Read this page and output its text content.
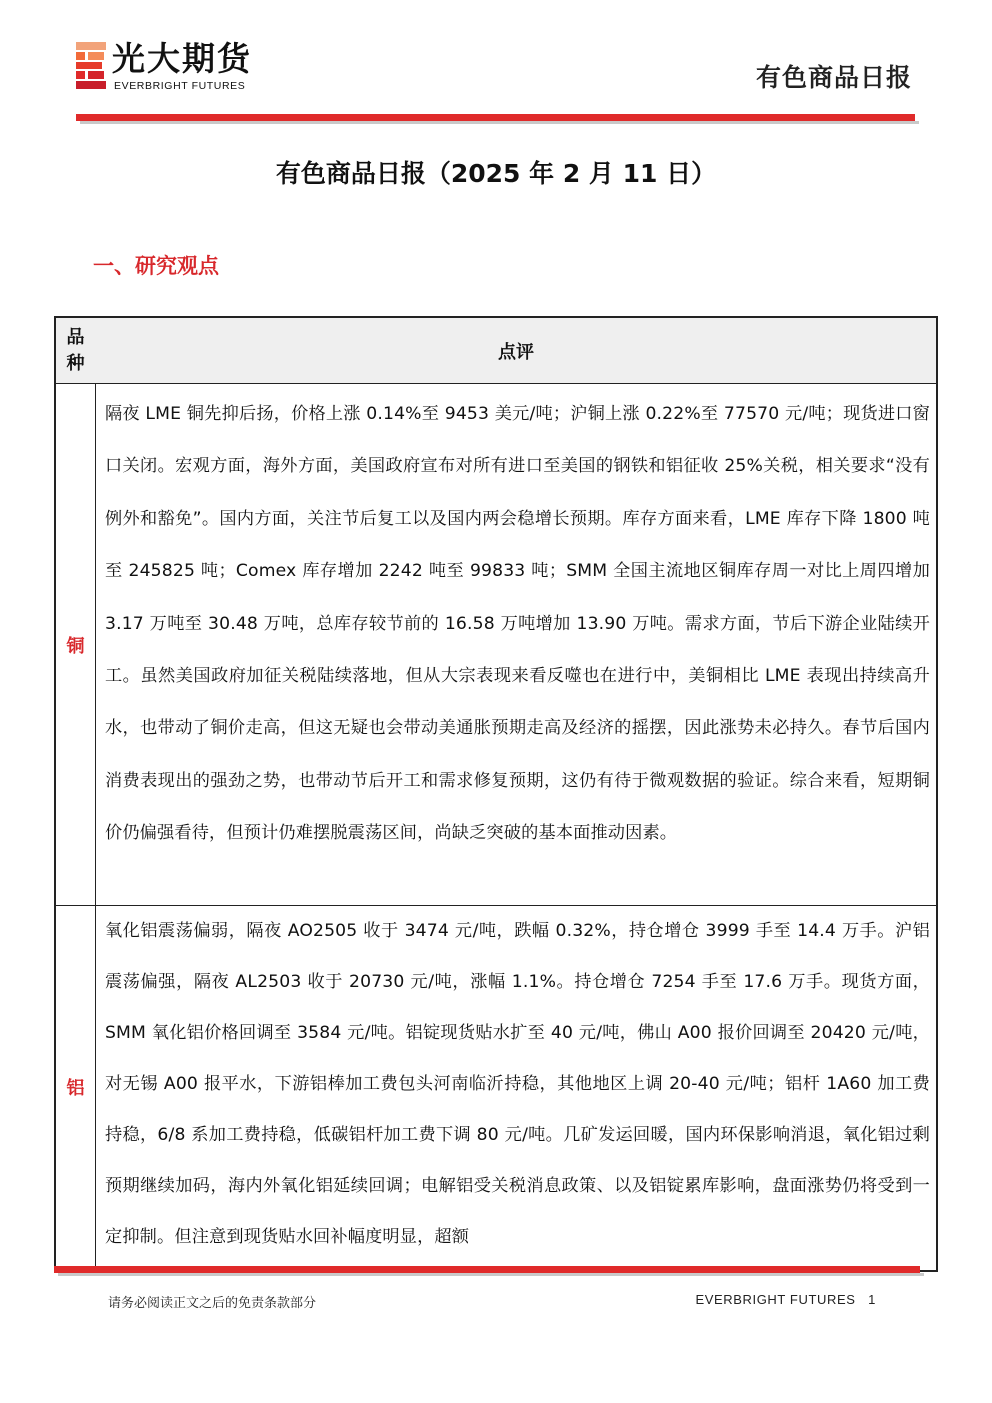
光大期货
EVERBRIGHT FUTURES	有色商品日报
有色商品日报（2025 年 2 月 11 日）
一、研究观点
品种
点评
铜
隔夜 LME 铜先抑后扬，价格上涨 0.14%至 9453 美元/吨；沪铜上涨 0.22%至 77570 元/吨；现货进口窗口关闭。宏观方面，海外方面，美国政府宣布对所有进口至美国的钢铁和铝征收 25%关税，相关要求“没有例外和豁免”。国内方面，关注节后复工以及国内两会稳增长预期。库存方面来看，LME 库存下降 1800 吨至 245825 吨；Comex 库存增加 2242 吨至 99833 吨；SMM 全国主流地区铜库存周一对比上周四增加 3.17 万吨至 30.48 万吨，总库存较节前的 16.58 万吨增加 13.90 万吨。需求方面，节后下游企业陆续开工。虽然美国政府加征关税陆续落地，但从大宗表现来看反噬也在进行中，美铜相比 LME 表现出持续高升水，也带动了铜价走高，但这无疑也会带动美通胀预期走高及经济的摇摆，因此涨势未必持久。春节后国内消费表现出的强劲之势，也带动节后开工和需求修复预期，这仍有待于微观数据的验证。综合来看，短期铜价仍偏强看待，但预计仍难摆脱震荡区间，尚缺乏突破的基本面推动因素。
铝
氧化铝震荡偏弱，隔夜 AO2505 收于 3474 元/吨，跌幅 0.32%，持仓增仓 3999 手至 14.4 万手。沪铝震荡偏强，隔夜 AL2503 收于 20730 元/吨，涨幅 1.1%。持仓增仓 7254 手至 17.6 万手。现货方面，SMM 氧化铝价格回调至 3584 元/吨。铝锭现货贴水扩至 40 元/吨，佛山 A00 报价回调至 20420 元/吨，对无锡 A00 报平水，下游铝棒加工费包头河南临沂持稳，其他地区上调 20-40 元/吨；铝杆 1A60 加工费持稳，6/8 系加工费持稳，低碳铝杆加工费下调 80 元/吨。几矿发运回暖，国内环保影响消退，氧化铝过剩预期继续加码，海内外氧化铝延续回调；电解铝受关税消息政策、以及铝锭累库影响，盘面涨势仍将受到一定抑制。但注意到现货贴水回补幅度明显，超额
请务必阅读正文之后的免责条款部分	EVERBRIGHT FUTURES 1
